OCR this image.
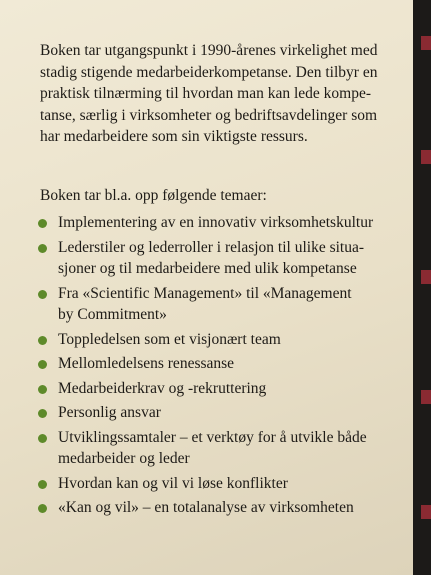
Boken tar utgangspunkt i 1990-årenes virkelighet med
stadig stigende medarbeiderkompetanse. Den tilbyr en
praktisk tilnærming til hvordan man kan lede kompe-
tanse, særlig i virksomheter og bedriftsavdelinger som
har medarbeidere som sin viktigste ressurs.

Boken tar bl.a. opp følgende temaer:

Implementering av en innovativ virksomhetskultur
Lederstiler og lederroller i relasjon til ulike situa-
sjoner og til medarbeidere med ulik kompetanse
Fra «Scientific Management» til «Management
by Commitment»
Toppledelsen som et visjonært team
Mellomledelsens renessanse
Medarbeiderkrav og -rekruttering
Personlig ansvar
Utviklingssamtaler – et verktøy for å utvikle både
medarbeider og leder
Hvordan kan og vil vi løse konflikter
«Kan og vil» – en totalanalyse av virksomheten
